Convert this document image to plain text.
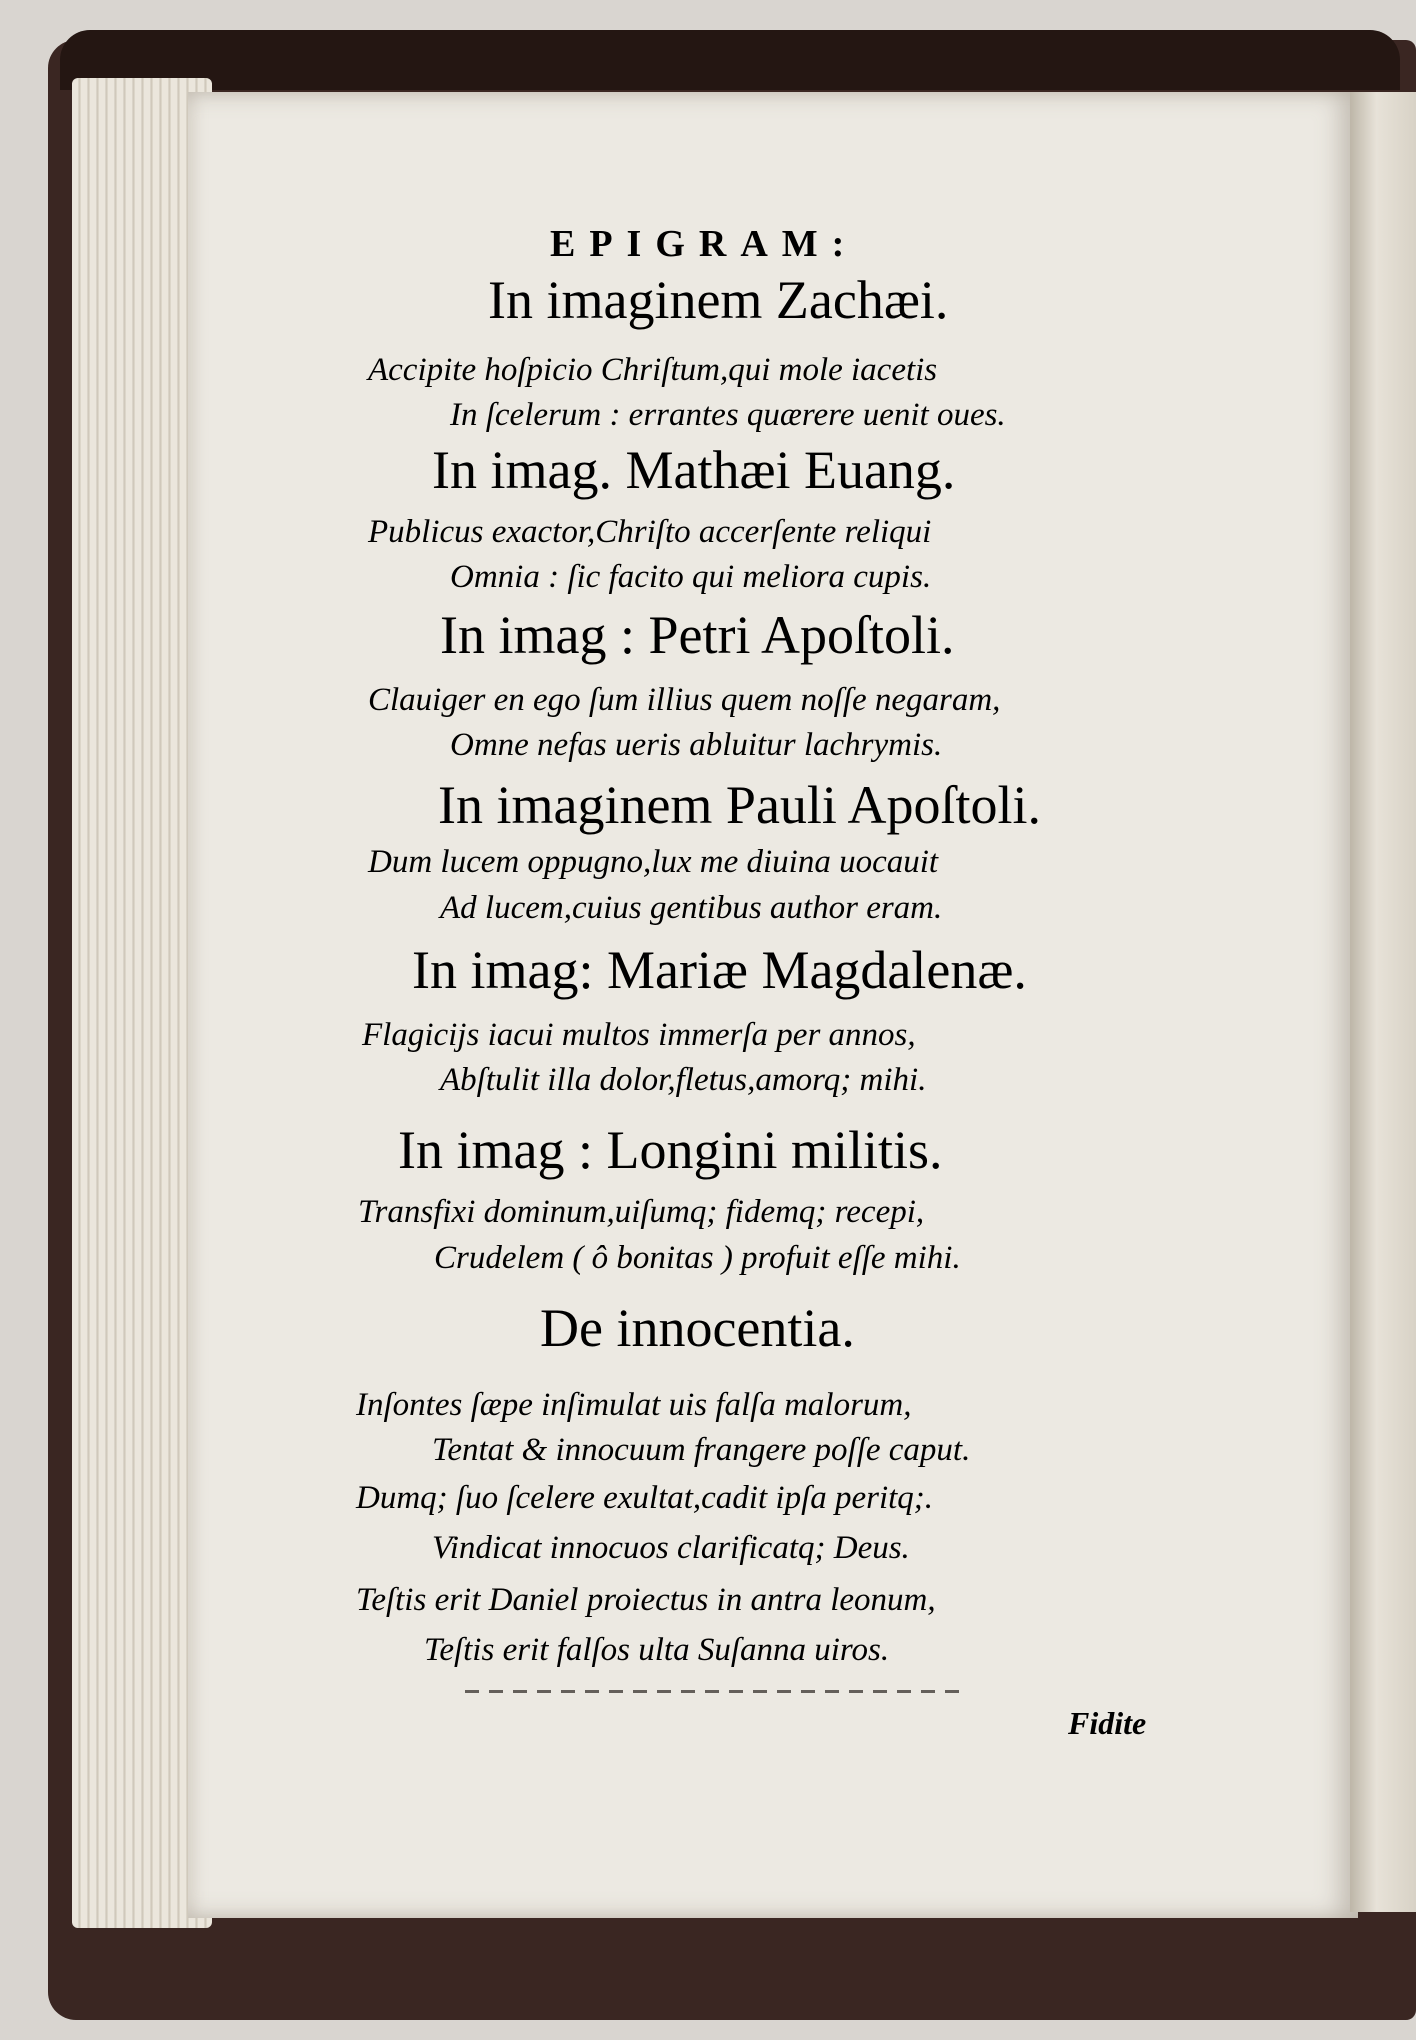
EPIGRAM:
In imaginem Zachæi.
Accipite hoſpicio Chriſtum,qui mole iacetis
In ſcelerum : errantes quærere uenit oues.
In imag. Mathæi Euang.
Publicus exactor,Chriſto accerſente reliqui
Omnia : ſic facito qui meliora cupis.
In imag : Petri Apoſtoli.
Clauiger en ego ſum illius quem noſſe negaram,
Omne nefas ueris abluitur lachrymis.
In imaginem Pauli Apoſtoli.
Dum lucem oppugno,lux me diuina uocauit
Ad lucem,cuius gentibus author eram.
In imag: Mariæ Magdalenæ.
Flagicijs iacui multos immerſa per annos,
Abſtulit illa dolor,fletus,amorq; mihi.
In imag : Longini militis.
Transfixi dominum,uiſumq; fidemq; recepi,
Crudelem ( ô bonitas ) profuit eſſe mihi.
De innocentia.
Inſontes ſæpe inſimulat uis falſa malorum,
Tentat & innocuum frangere poſſe caput.
Dumq; ſuo ſcelere exultat,cadit ipſa peritq;.
Vindicat innocuos clarificatq; Deus.
Teſtis erit Daniel proiectus in antra leonum,
Teſtis erit falſos ulta Suſanna uiros.
Fidite
